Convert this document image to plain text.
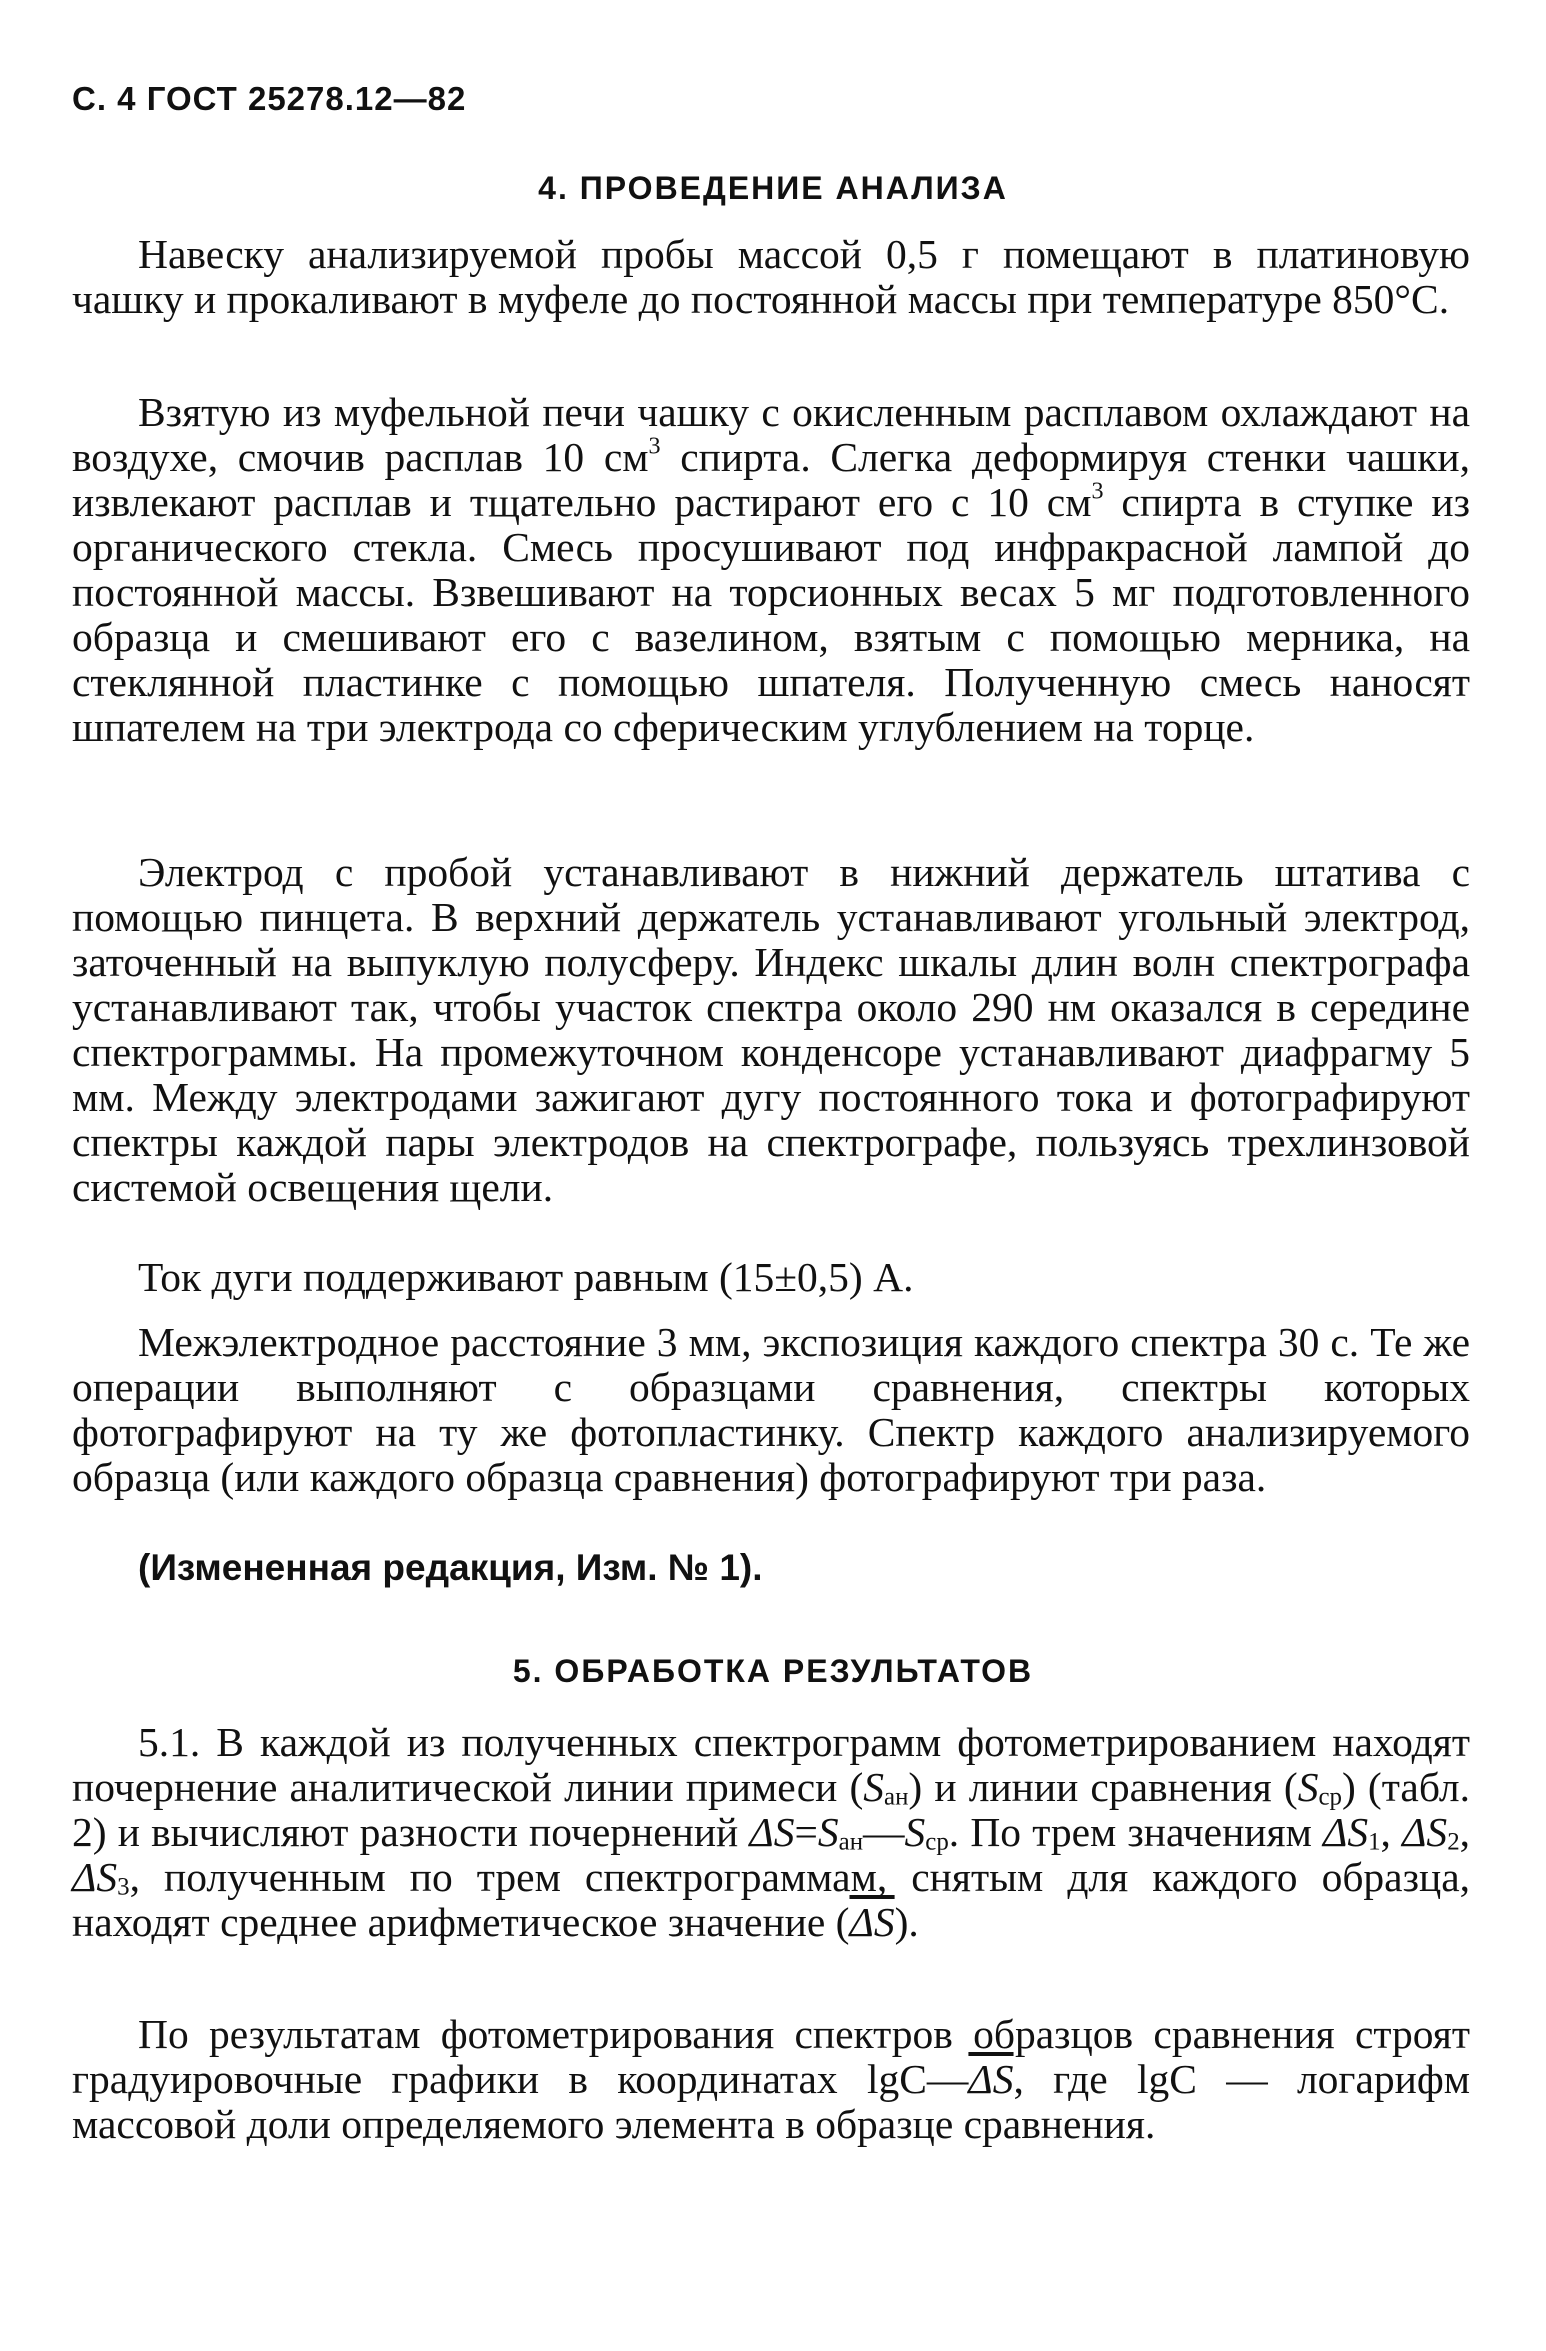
С. 4 ГОСТ 25278.12—82
4. ПРОВЕДЕНИЕ АНАЛИЗА

Навеску анализируемой пробы массой 0,5 г помещают в платиновую чашку и прокаливают в муфеле до постоянной массы при температуре 850°С.

Взятую из муфельной печи чашку с окисленным расплавом охлаждают на воздухе, смочив расплав 10 $см^3$ спирта. Слегка деформируя стенки чашки, извлекают расплав и тщательно растирают его с 10 $см^3$ спирта в ступке из органического стекла. Смесь просушивают под инфракрасной лампой до постоянной массы. Взвешивают на торсионных весах 5 мг подготовленного образца и смешивают его с вазелином, взятым с помощью мерника, на стеклянной пластинке с помощью шпателя. Полученную смесь наносят шпателем на три электрода со сферическим углублением на торце.

Электрод с пробой устанавливают в нижний держатель штатива с помощью пинцета. В верхний держатель устанавливают угольный электрод, заточенный на выпуклую полусферу. Индекс шкалы длин волн спектрографа устанавливают так, чтобы участок спектра около 290 нм оказался в середине спектрограммы. На промежуточном конденсоре устанавливают диафрагму 5 мм. Между электродами зажигают дугу постоянного тока и фотографируют спектры каждой пары электродов на спектрографе, пользуясь трехлинзовой системой освещения щели.

Ток дуги поддерживают равным (15±0,5) А.

Межэлектродное расстояние 3 мм, экспозиция каждого спектра 30 с. Те же операции выполняют с образцами сравнения, спектры которых фотографируют на ту же фотопластинку. Спектр каждого анализируемого образца (или каждого образца сравнения) фотографируют три раза.

(Измененная редакция, Изм. № 1).

5. ОБРАБОТКА РЕЗУЛЬТАТОВ

5.1. В каждой из полученных спектрограмм фотометрированием находят почернение аналитической линии примеси $(S_{ан})$ и линии сравнения $(S_{ср})$ (табл. 2) и вычисляют разности почернений $\Delta S=S_{ан}—S_{ср}$. По трем значениям $\Delta S_1$, $\Delta S_2$, $\Delta S_3$, полученным по трем спектрограммам, снятым для каждого образца, находят среднее арифметическое значение $(\overline{\Delta S})$.

По результатам фотометрирования спектров образцов сравнения строят градуировочные графики в координатах $\lg С—\overline{\Delta S}$, где lgС — логарифм массовой доли определяемого элемента в образце сравнения.
